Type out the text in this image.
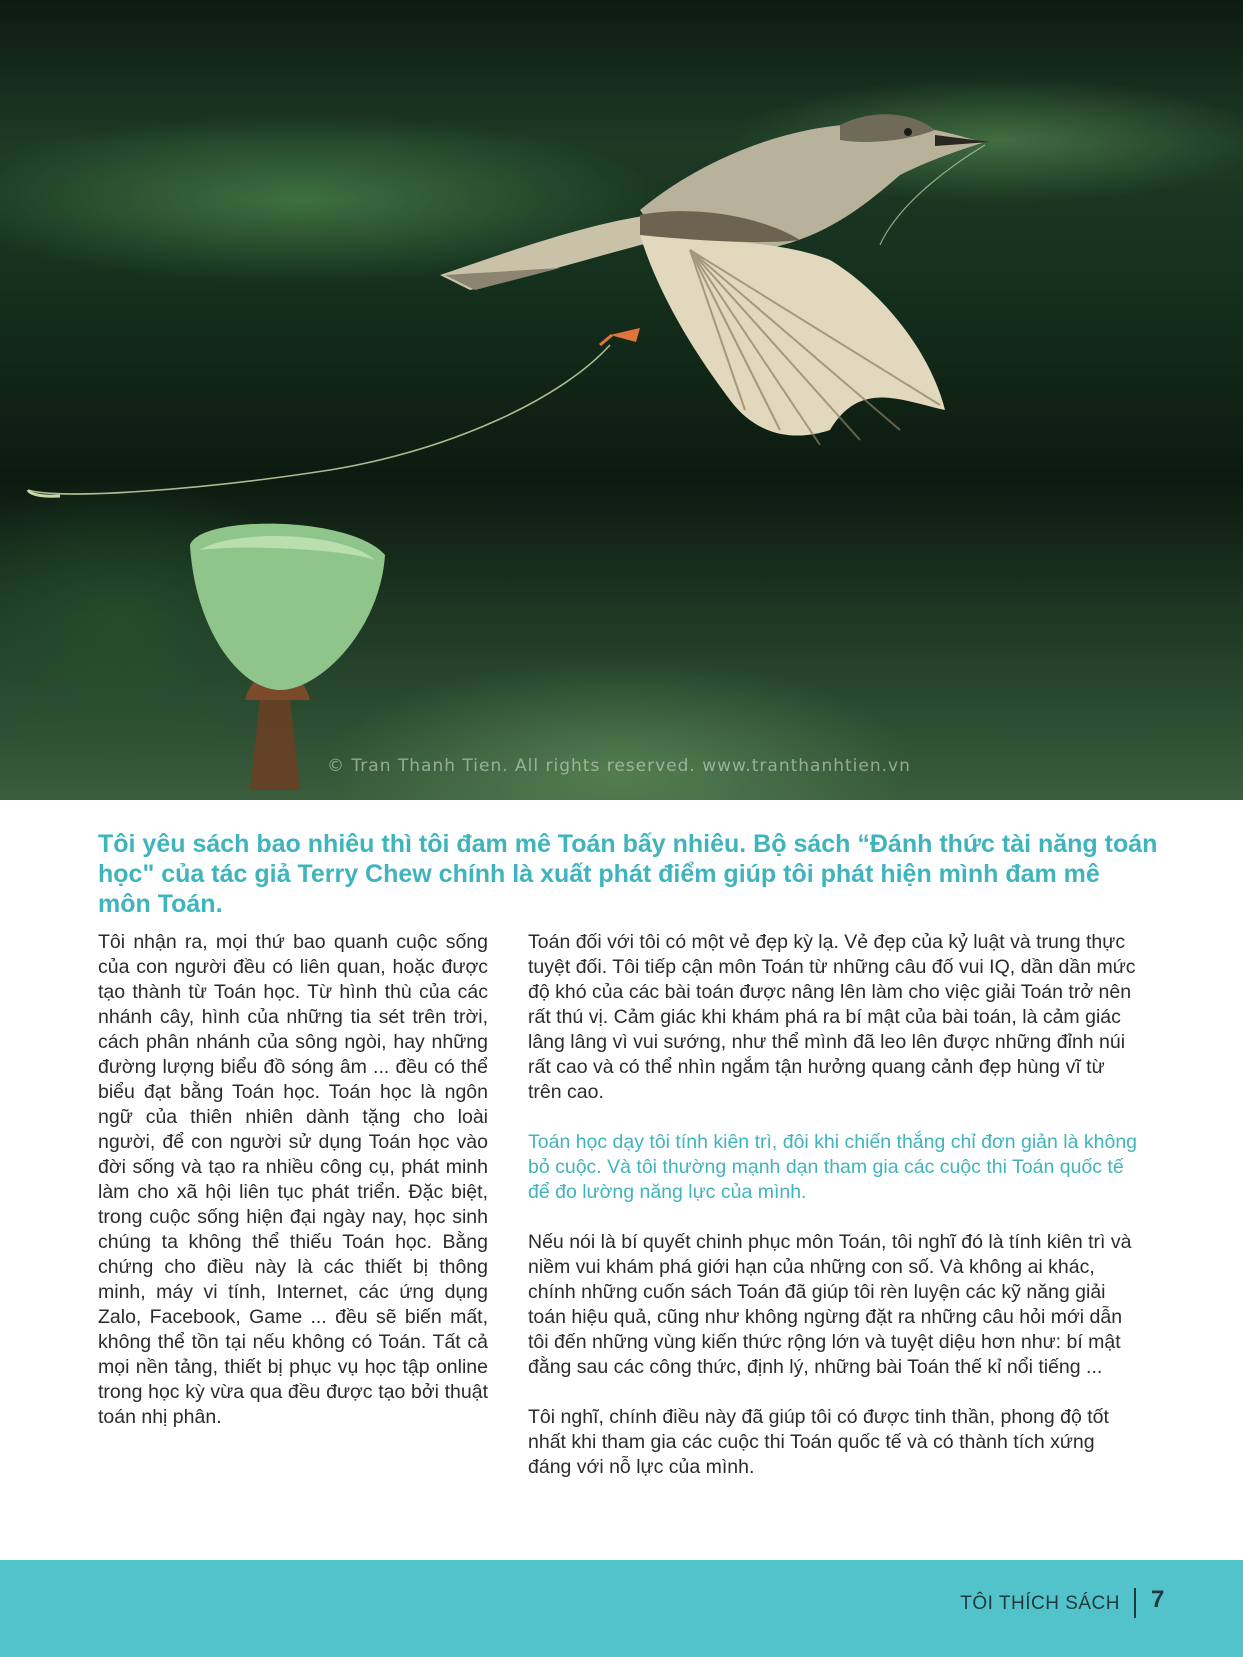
© Tran Thanh Tien. All rights reserved. www.tranthanhtien.vn
Tôi yêu sách bao nhiêu thì tôi đam mê Toán bấy nhiêu. Bộ sách “Đánh thức tài năng toán học" của tác giả Terry Chew chính là xuất phát điểm giúp tôi phát hiện mình đam mê môn Toán.

Tôi nhận ra, mọi thứ bao quanh cuộc sống của con người đều có liên quan, hoặc được tạo thành từ Toán học. Từ hình thù của các nhánh cây, hình của những tia sét trên trời, cách phân nhánh của sông ngòi, hay những đường lượng biểu đồ sóng âm ... đều có thể biểu đạt bằng Toán học. Toán học là ngôn ngữ của thiên nhiên dành tặng cho loài người, để con người sử dụng Toán học vào đời sống và tạo ra nhiều công cụ, phát minh làm cho xã hội liên tục phát triển. Đặc biệt, trong cuộc sống hiện đại ngày nay, học sinh chúng ta không thể thiếu Toán học. Bằng chứng cho điều này là các thiết bị thông minh, máy vi tính, Internet, các ứng dụng Zalo, Facebook, Game ... đều sẽ biến mất, không thể tồn tại nếu không có Toán. Tất cả mọi nền tảng, thiết bị phục vụ học tập online trong học kỳ vừa qua đều được tạo bởi thuật toán nhị phân.

Toán đối với tôi có một vẻ đẹp kỳ lạ. Vẻ đẹp của kỷ luật và trung thực tuyệt đối. Tôi tiếp cận môn Toán từ những câu đố vui IQ, dần dần mức độ khó của các bài toán được nâng lên làm cho việc giải Toán trở nên rất thú vị. Cảm giác khi khám phá ra bí mật của bài toán, là cảm giác lâng lâng vì vui sướng, như thể mình đã leo lên được những đỉnh núi rất cao và có thể nhìn ngắm tận hưởng quang cảnh đẹp hùng vĩ từ trên cao.

Toán học dạy tôi tính kiên trì, đôi khi chiến thắng chỉ đơn giản là không bỏ cuộc. Và tôi thường mạnh dạn tham gia các cuộc thi Toán quốc tế để đo lường năng lực của mình.

Nếu nói là bí quyết chinh phục môn Toán, tôi nghĩ đó là tính kiên trì và niềm vui khám phá giới hạn của những con số. Và không ai khác, chính những cuốn sách Toán đã giúp tôi rèn luyện các kỹ năng giải toán hiệu quả, cũng như không ngừng đặt ra những câu hỏi mới dẫn tôi đến những vùng kiến thức rộng lớn và tuyệt diệu hơn như: bí mật đằng sau các công thức, định lý, những bài Toán thế kỉ nổi tiếng ...

Tôi nghĩ, chính điều này đã giúp tôi có được tinh thần, phong độ tốt nhất khi tham gia các cuộc thi Toán quốc tế và có thành tích xứng đáng với nỗ lực của mình.

TÔI THÍCH SÁCH 7
